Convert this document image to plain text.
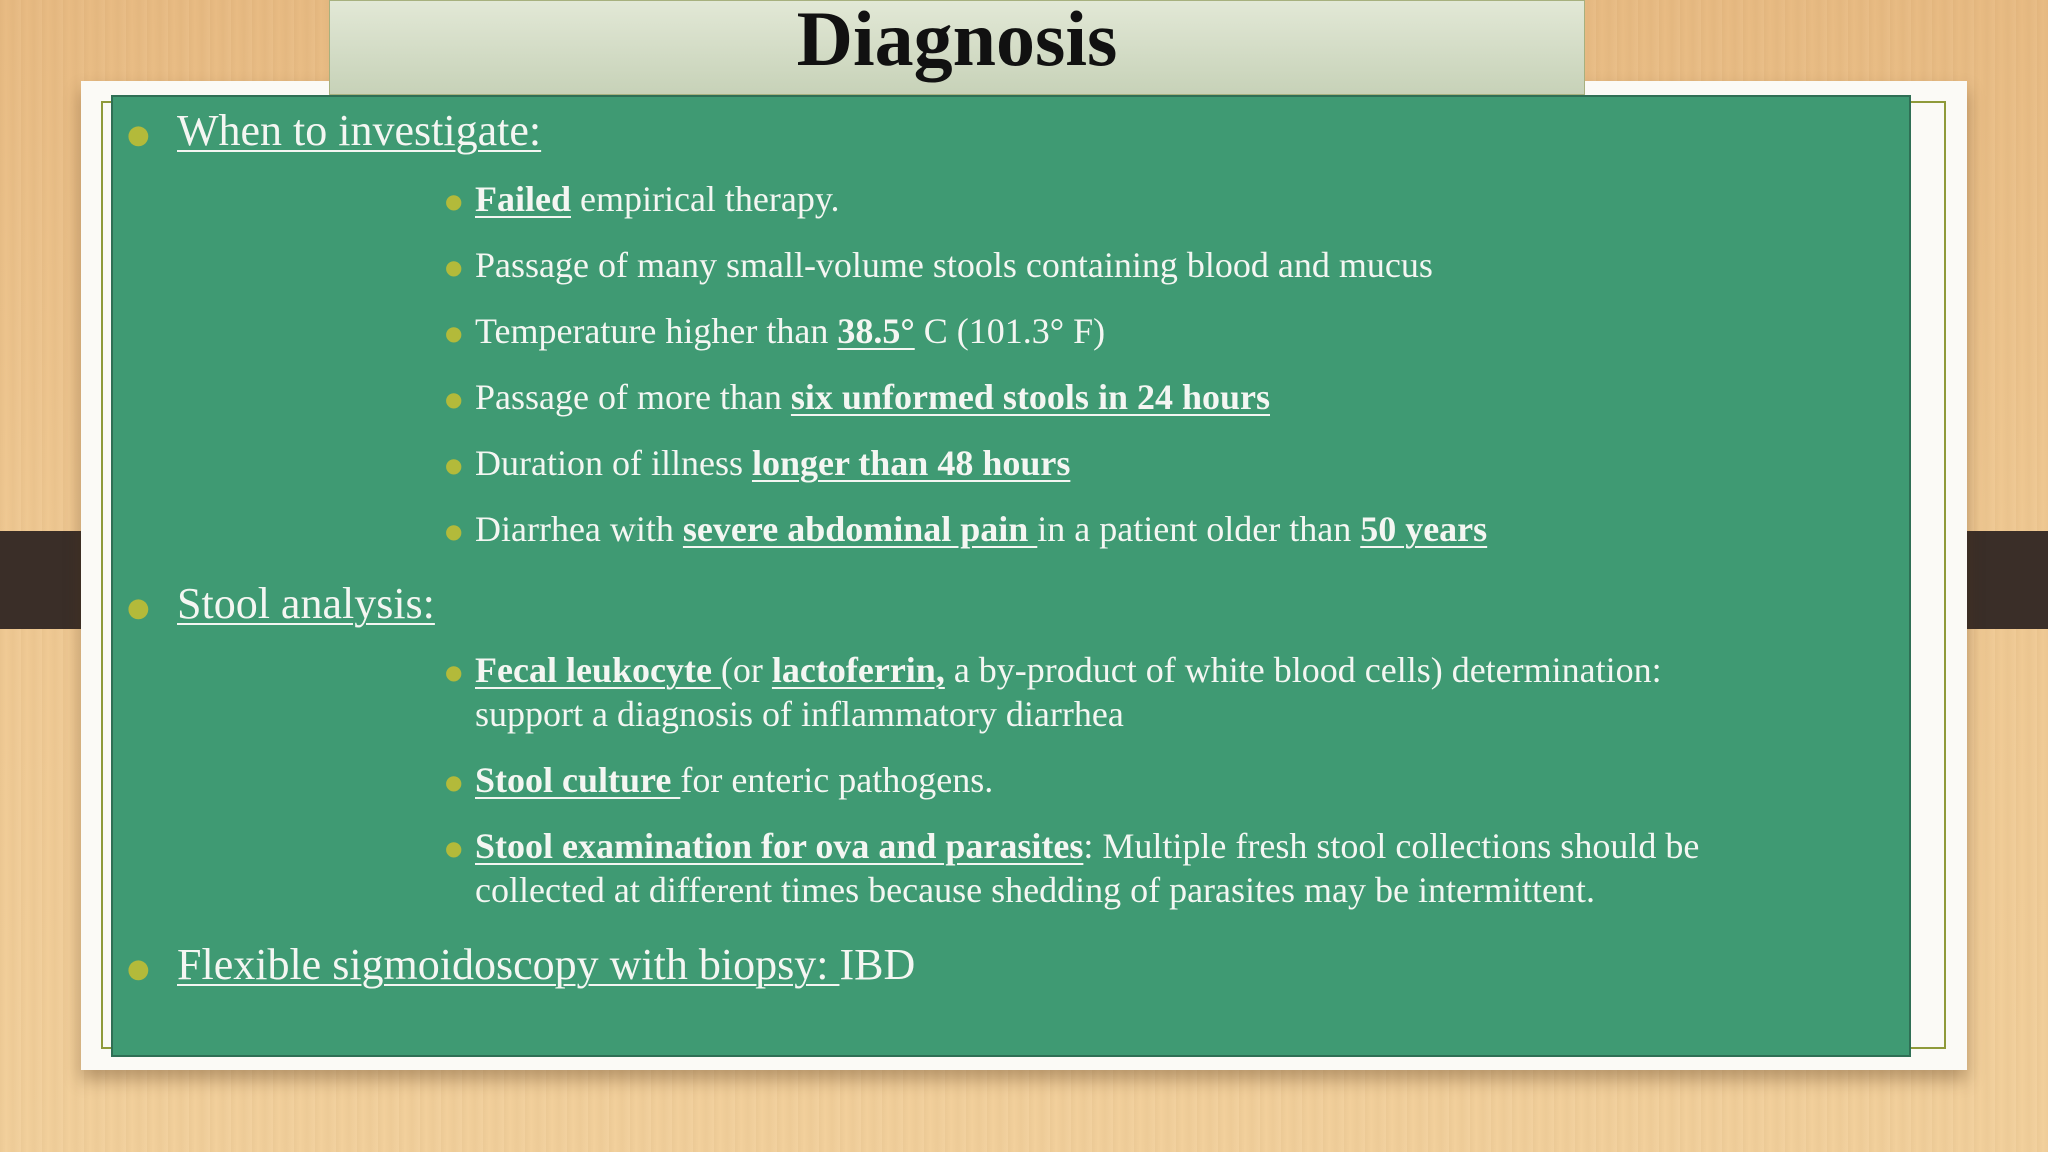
Diagnosis
● When to investigate:
● Failed empirical therapy.
● Passage of many small-volume stools containing blood and mucus
● Temperature higher than 38.5° C (101.3° F)
● Passage of more than six unformed stools in 24 hours
● Duration of illness longer than 48 hours
● Diarrhea with severe abdominal pain in a patient older than 50 years
● Stool analysis:
● Fecal leukocyte (or lactoferrin, a by-product of white blood cells) determination:
support a diagnosis of inflammatory diarrhea
● Stool culture for enteric pathogens.
● Stool examination for ova and parasites: Multiple fresh stool collections should be
collected at different times because shedding of parasites may be intermittent.
● Flexible sigmoidoscopy with biopsy: IBD
